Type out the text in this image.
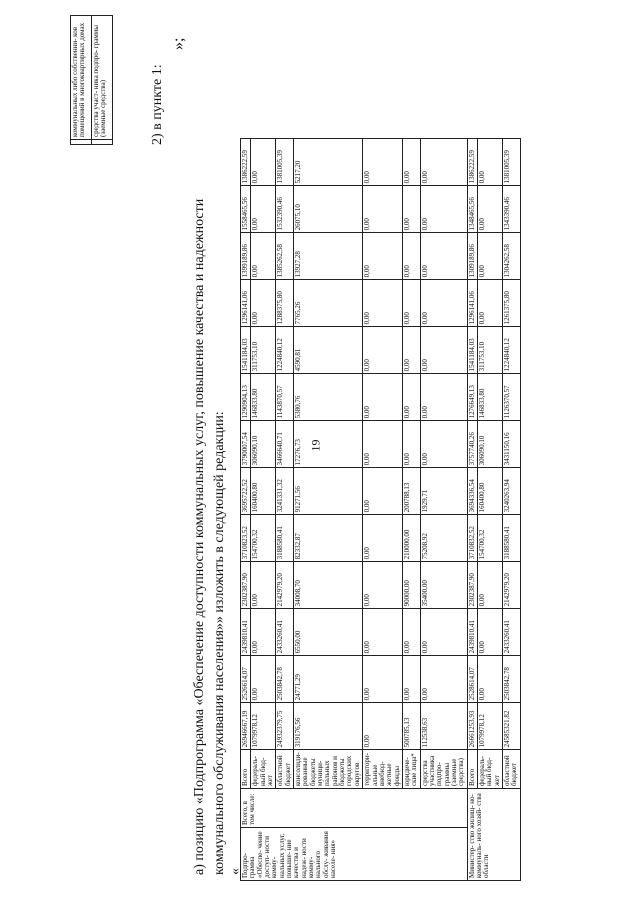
19
	коммунальных либо собственни- ков помещений в многоквартирных домах
	средства участ- ника подпро- граммы (заемные средства)	2) в пункте 1:
а) позицию «Подпрограмма «Обеспечение доступности коммунальных услуг, повышение качества и надежности коммунального обслуживания населения»» изложить в следующей редакции: «
»;
Подпро- грамма «Обеспе- чение доступ- ности комму- нальных услуг, повыше- ние качества и надеж- ности комму- нального обслу- живания населе- ния»	Всего, в том числе:	Всего	26946667,19	2526614,07	2439810,41	2302387,90	3710823,52	3695722,52	3790007,54	1290904,13	1541184,03	1296141,06	1399189,86	1558465,56	1386222,59
		федераль- ный бюд- жет	1079978,12	0,00	0,00	0,00	154700,32	160400,80	306090,10	146833,80	311753,10	0,00	0,00	0,00	0,00
		областной бюджет	24932379,75	2503842,78	2433260,41	2142979,20	3188580,41	3241331,32	3466640,71	1143870,57	1224840,12	1288375,80	1385262,58	1532390,46	1381005,39
		консолиди- рованные бюджеты муници- пальных районов и бюджеты городских округов	319176,56	24771,29	6550,00	34008,70	82332,87	91271,56	17276,73	5380,76	4590,81	7765,26	13927,28	26075,10	5217,20
		территори- альные внебюд- жетные фонды	0,00	0,00	0,00	0,00	0,00	0,00	0,00	0,00	0,00	0,00	0,00	0,00	0,00
		юридиче- ские лица*	500785,13	0,00	0,00	90000,00	210000,00	200788,13	0,00	0,00	0,00	0,00	0,00	0,00	0,00
		средства участника подпро- граммы (заемные средства)	112538,63	0,00	0,00	35400,00	75208,92	1929,71	0,00	0,00	0,00	0,00	0,00	0,00	0,00
Министер- ство жилищ- но- коммуналь- ного хозяй- ства области		Всего	26661253,93	2528614,07	2439810,41	2302387,90	3710832,52	3694336,54	3757740,26	1276649,13	1541184,03	1296141,06	1309189,86	1348465,56	1386222,59
		федераль- ный бюд- жет	1079978,12	0,00	0,00	0,00	154700,32	160400,80	306090,10	146833,80	311753,10	0,00	0,00	0,00	0,00
		областной бюджет	24585321,82	2503842,78	2433260,41	2142979,20	3188580,41	3240263,94	3431150,16	1126370,57	1224840,12	1261375,80	1304262,58	1343390,46	1381005,39
